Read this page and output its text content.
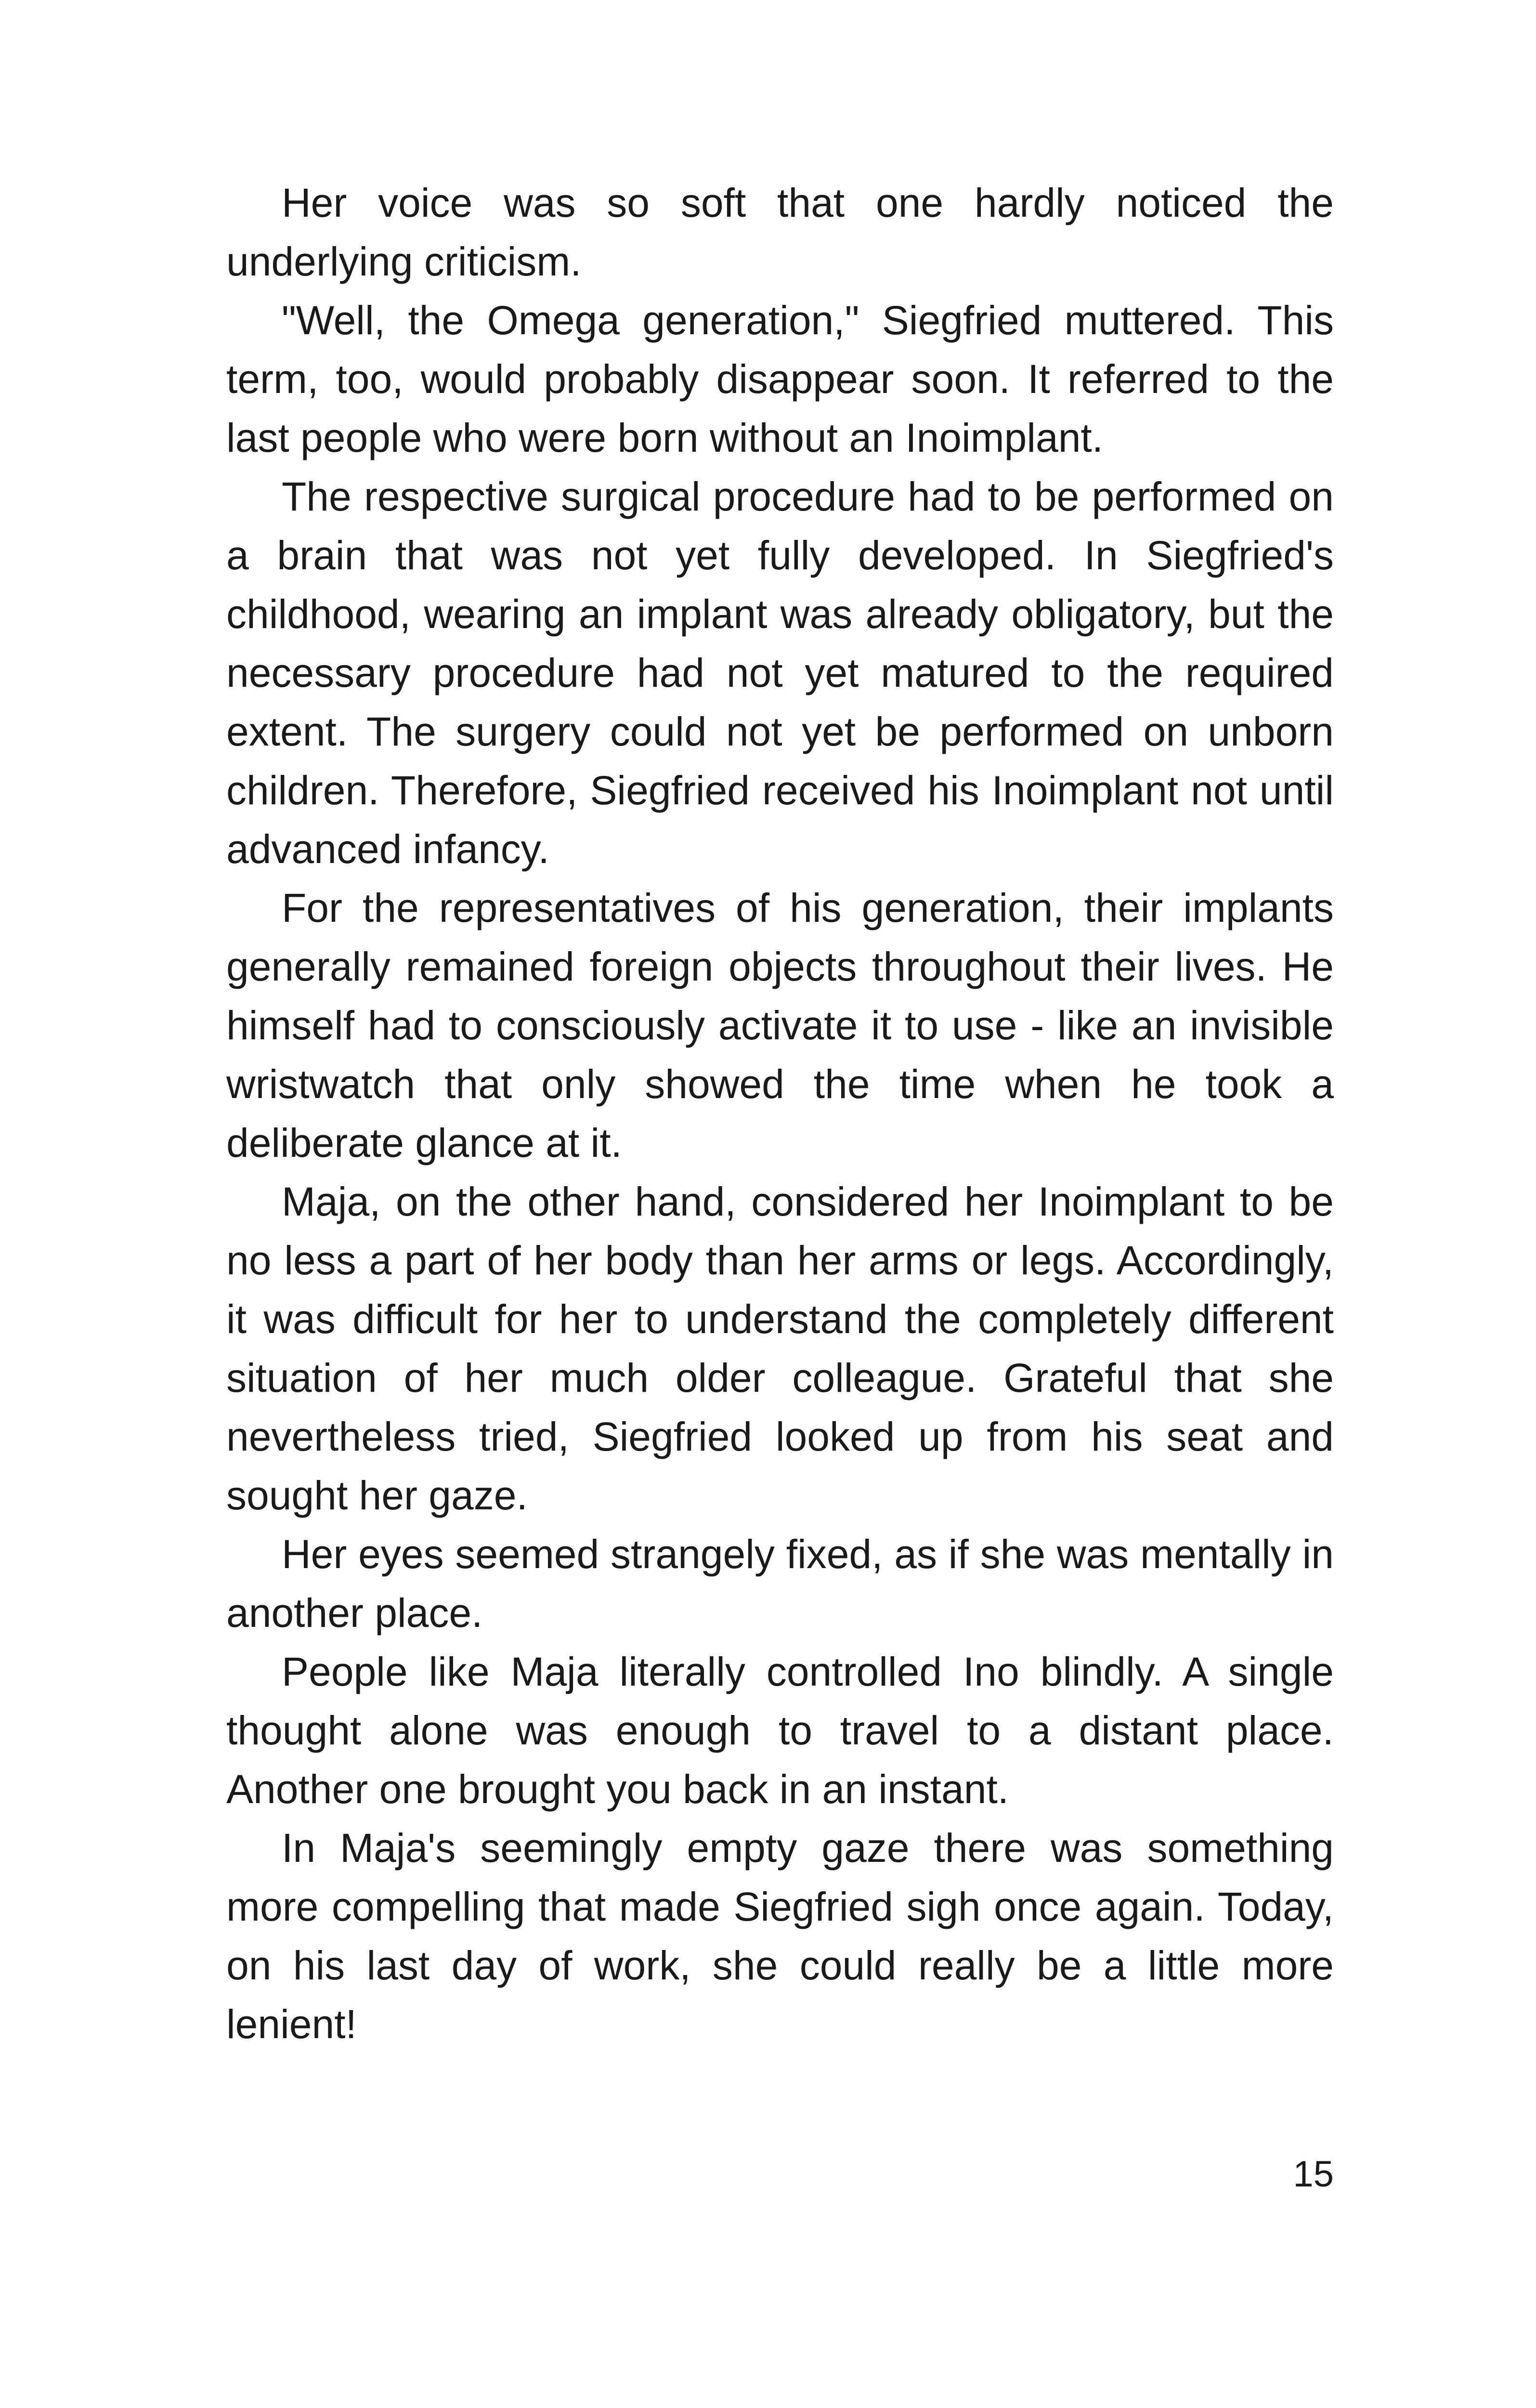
Her voice was so soft that one hardly noticed the underlying criticism.

"Well, the Omega generation," Siegfried muttered. This term, too, would probably disappear soon. It referred to the last people who were born without an Inoimplant.

The respective surgical procedure had to be performed on a brain that was not yet fully developed. In Siegfried's childhood, wearing an implant was already obligatory, but the necessary procedure had not yet matured to the required extent. The surgery could not yet be performed on unborn children. Therefore, Siegfried received his Inoimplant not until advanced infancy.

For the representatives of his generation, their implants generally remained foreign objects throughout their lives. He himself had to consciously activate it to use - like an invisible wristwatch that only showed the time when he took a deliberate glance at it.

Maja, on the other hand, considered her Inoimplant to be no less a part of her body than her arms or legs. Accordingly, it was difficult for her to understand the completely different situation of her much older colleague. Grateful that she nevertheless tried, Siegfried looked up from his seat and sought her gaze.

Her eyes seemed strangely fixed, as if she was mentally in another place.

People like Maja literally controlled Ino blindly. A single thought alone was enough to travel to a distant place. Another one brought you back in an instant.

In Maja's seemingly empty gaze there was something more compelling that made Siegfried sigh once again. Today, on his last day of work, she could really be a little more lenient!

15
